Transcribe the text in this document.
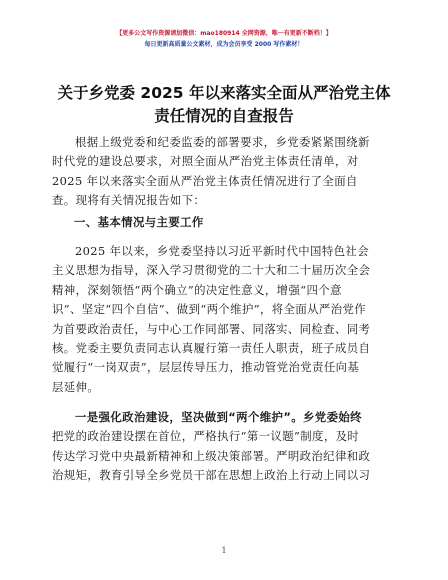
【更多公文写作资源请加微信：mao180914 全网资源，唯一有更新不断档！】
每日更新高质量公文素材，成为会员享受 2000 写作素材！
关于乡党委 2025 年以来落实全面从严治党主体
责任情况的自查报告
根据上级党委和纪委监委的部署要求，乡党委紧紧围绕新
时代党的建设总要求，对照全面从严治党主体责任清单，对
2025 年以来落实全面从严治党主体责任情况进行了全面自
查。现将有关情况报告如下：
一、基本情况与主要工作
2025 年以来，乡党委坚持以习近平新时代中国特色社会
主义思想为指导，深入学习贯彻党的二十大和二十届历次全会
精神，深刻领悟“两个确立”的决定性意义，增强“四个意
识”、坚定“四个自信”、做到“两个维护”，将全面从严治党作
为首要政治责任，与中心工作同部署、同落实、同检查、同考
核。党委主要负责同志认真履行第一责任人职责，班子成员自
觉履行“一岗双责”，层层传导压力，推动管党治党责任向基
层延伸。
一是强化政治建设，坚决做到“两个维护”。乡党委始终
把党的政治建设摆在首位，严格执行“第一议题”制度，及时
传达学习党中央最新精神和上级决策部署。严明政治纪律和政
治规矩，教育引导全乡党员干部在思想上政治上行动上同以习
1
